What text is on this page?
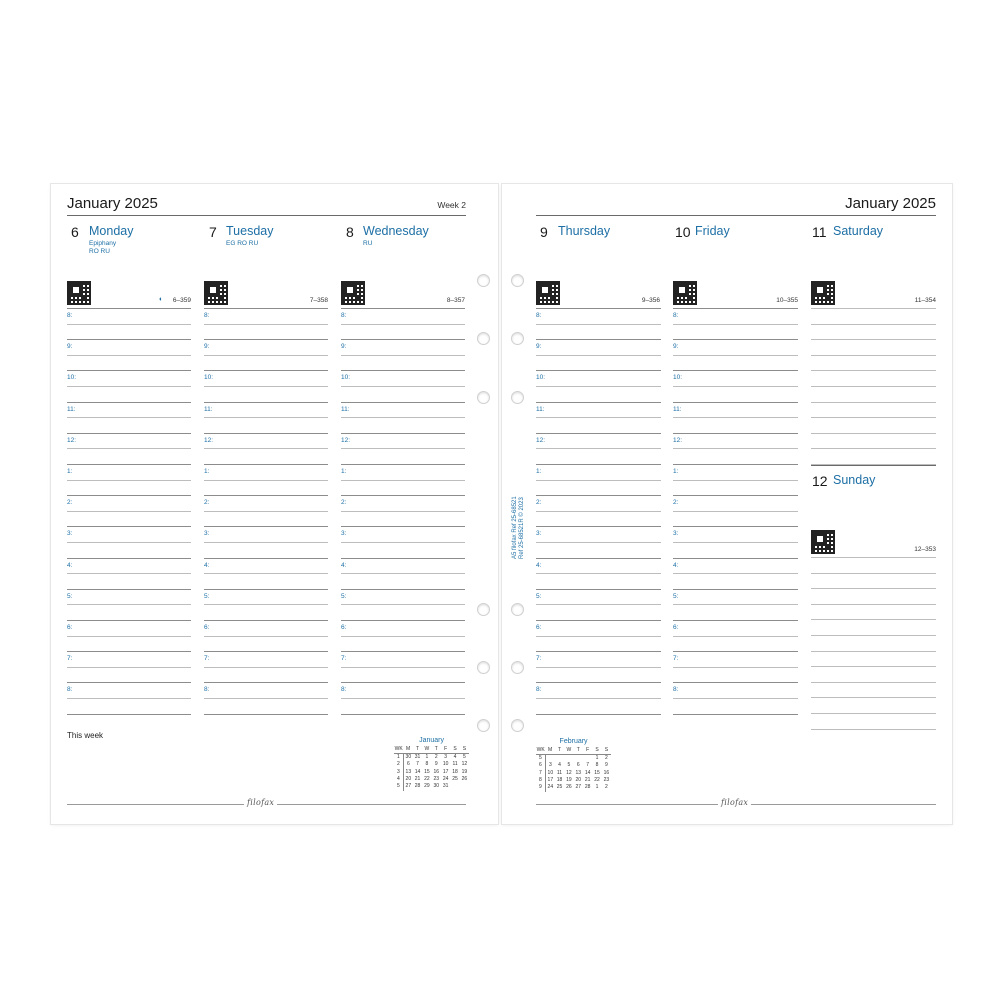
January 2025	Week 2
6 Monday
Epiphany
RO RU
◐	6–359
8:
9:
10:
11:
12:
1:
2:
3:
4:
5:
6:
7:
8:
7 Tuesday
EG RO RU
7–358
8:
9:
10:
11:
12:
1:
2:
3:
4:
5:
6:
7:
8:
8 Wednesday
RU
8–357
8:
9:
10:
11:
12:
1:
2:
3:
4:
5:
6:
7:
8:
This week
January
WK	M	T	W	T	F	S	S
1	30	31	1	2	3	4	5
2	6	7	8	9	10	11	12
3	13	14	15	16	17	18	19
4	20	21	22	23	24	25	26
5	27	28	29	30	31		
filofax
January 2025
9 Thursday
9–356
8:
9:
10:
11:
12:
1:
2:
3:
4:
5:
6:
7:
8:
10 Friday
10–355
8:
9:
10:
11:
12:
1:
2:
3:
4:
5:
6:
7:
8:
11 Saturday
11–354
12 Sunday
12–353
February
WK	M	T	W	T	F	S	S
5						1	2
6	3	4	5	6	7	8	9
7	10	11	12	13	14	15	16
8	17	18	19	20	21	22	23
9	24	25	26	27	28	1	2
filofax
A5 filofax Ref 25-68521 Ref 25-68521R © 2023
